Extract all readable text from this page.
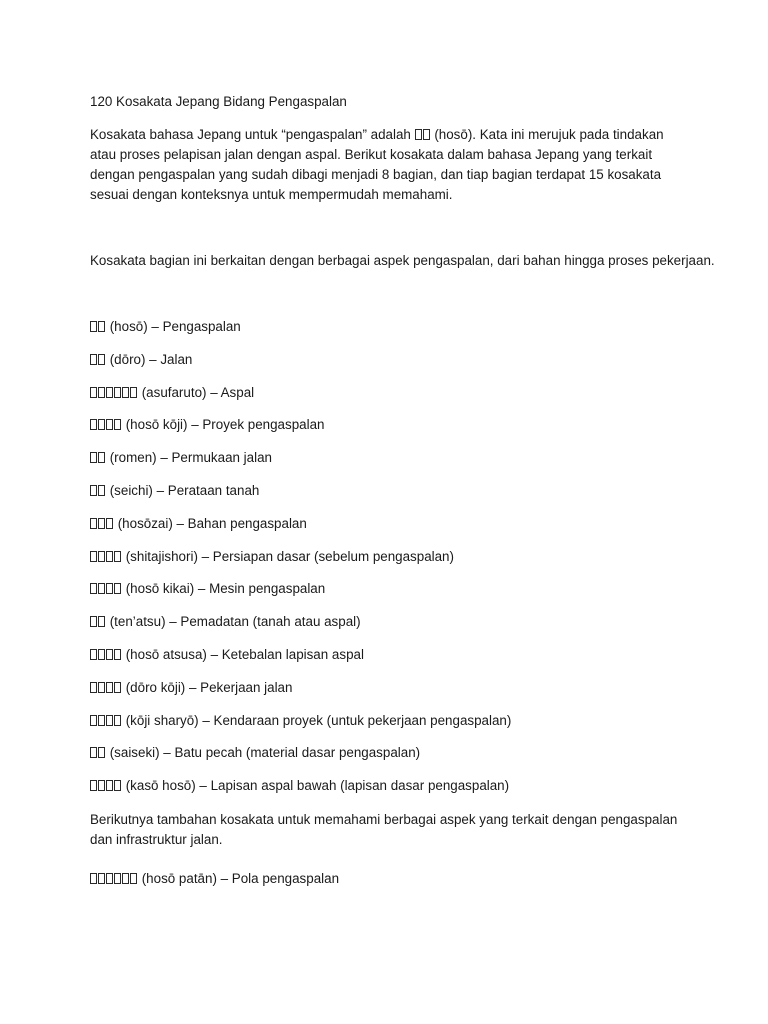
120 Kosakata Jepang Bidang Pengaspalan

Kosakata bahasa Jepang untuk “pengaspalan” adalah  (hosō). Kata ini merujuk pada tindakan atau proses pelapisan jalan dengan aspal. Berikut kosakata dalam bahasa Jepang yang terkait dengan pengaspalan yang sudah dibagi menjadi 8 bagian, dan tiap bagian terdapat 15 kosakata sesuai dengan konteksnya untuk mempermudah memahami.

Kosakata bagian ini berkaitan dengan berbagai aspek pengaspalan, dari bahan hingga proses pekerjaan.
(hosō) – Pengaspalan
(dōro) – Jalan
(asufaruto) – Aspal
(hosō kōji) – Proyek pengaspalan
(romen) – Permukaan jalan
(seichi) – Perataan tanah
(hosōzai) – Bahan pengaspalan
(shitajishori) – Persiapan dasar (sebelum pengaspalan)
(hosō kikai) – Mesin pengaspalan
(ten’atsu) – Pemadatan (tanah atau aspal)
(hosō atsusa) – Ketebalan lapisan aspal
(dōro kōji) – Pekerjaan jalan
(kōji sharyō) – Kendaraan proyek (untuk pekerjaan pengaspalan)
(saiseki) – Batu pecah (material dasar pengaspalan)
(kasō hosō) – Lapisan aspal bawah (lapisan dasar pengaspalan)

Berikutnya tambahan kosakata untuk memahami berbagai aspek yang terkait dengan pengaspalan dan infrastruktur jalan.

(hosō patān) – Pola pengaspalan
